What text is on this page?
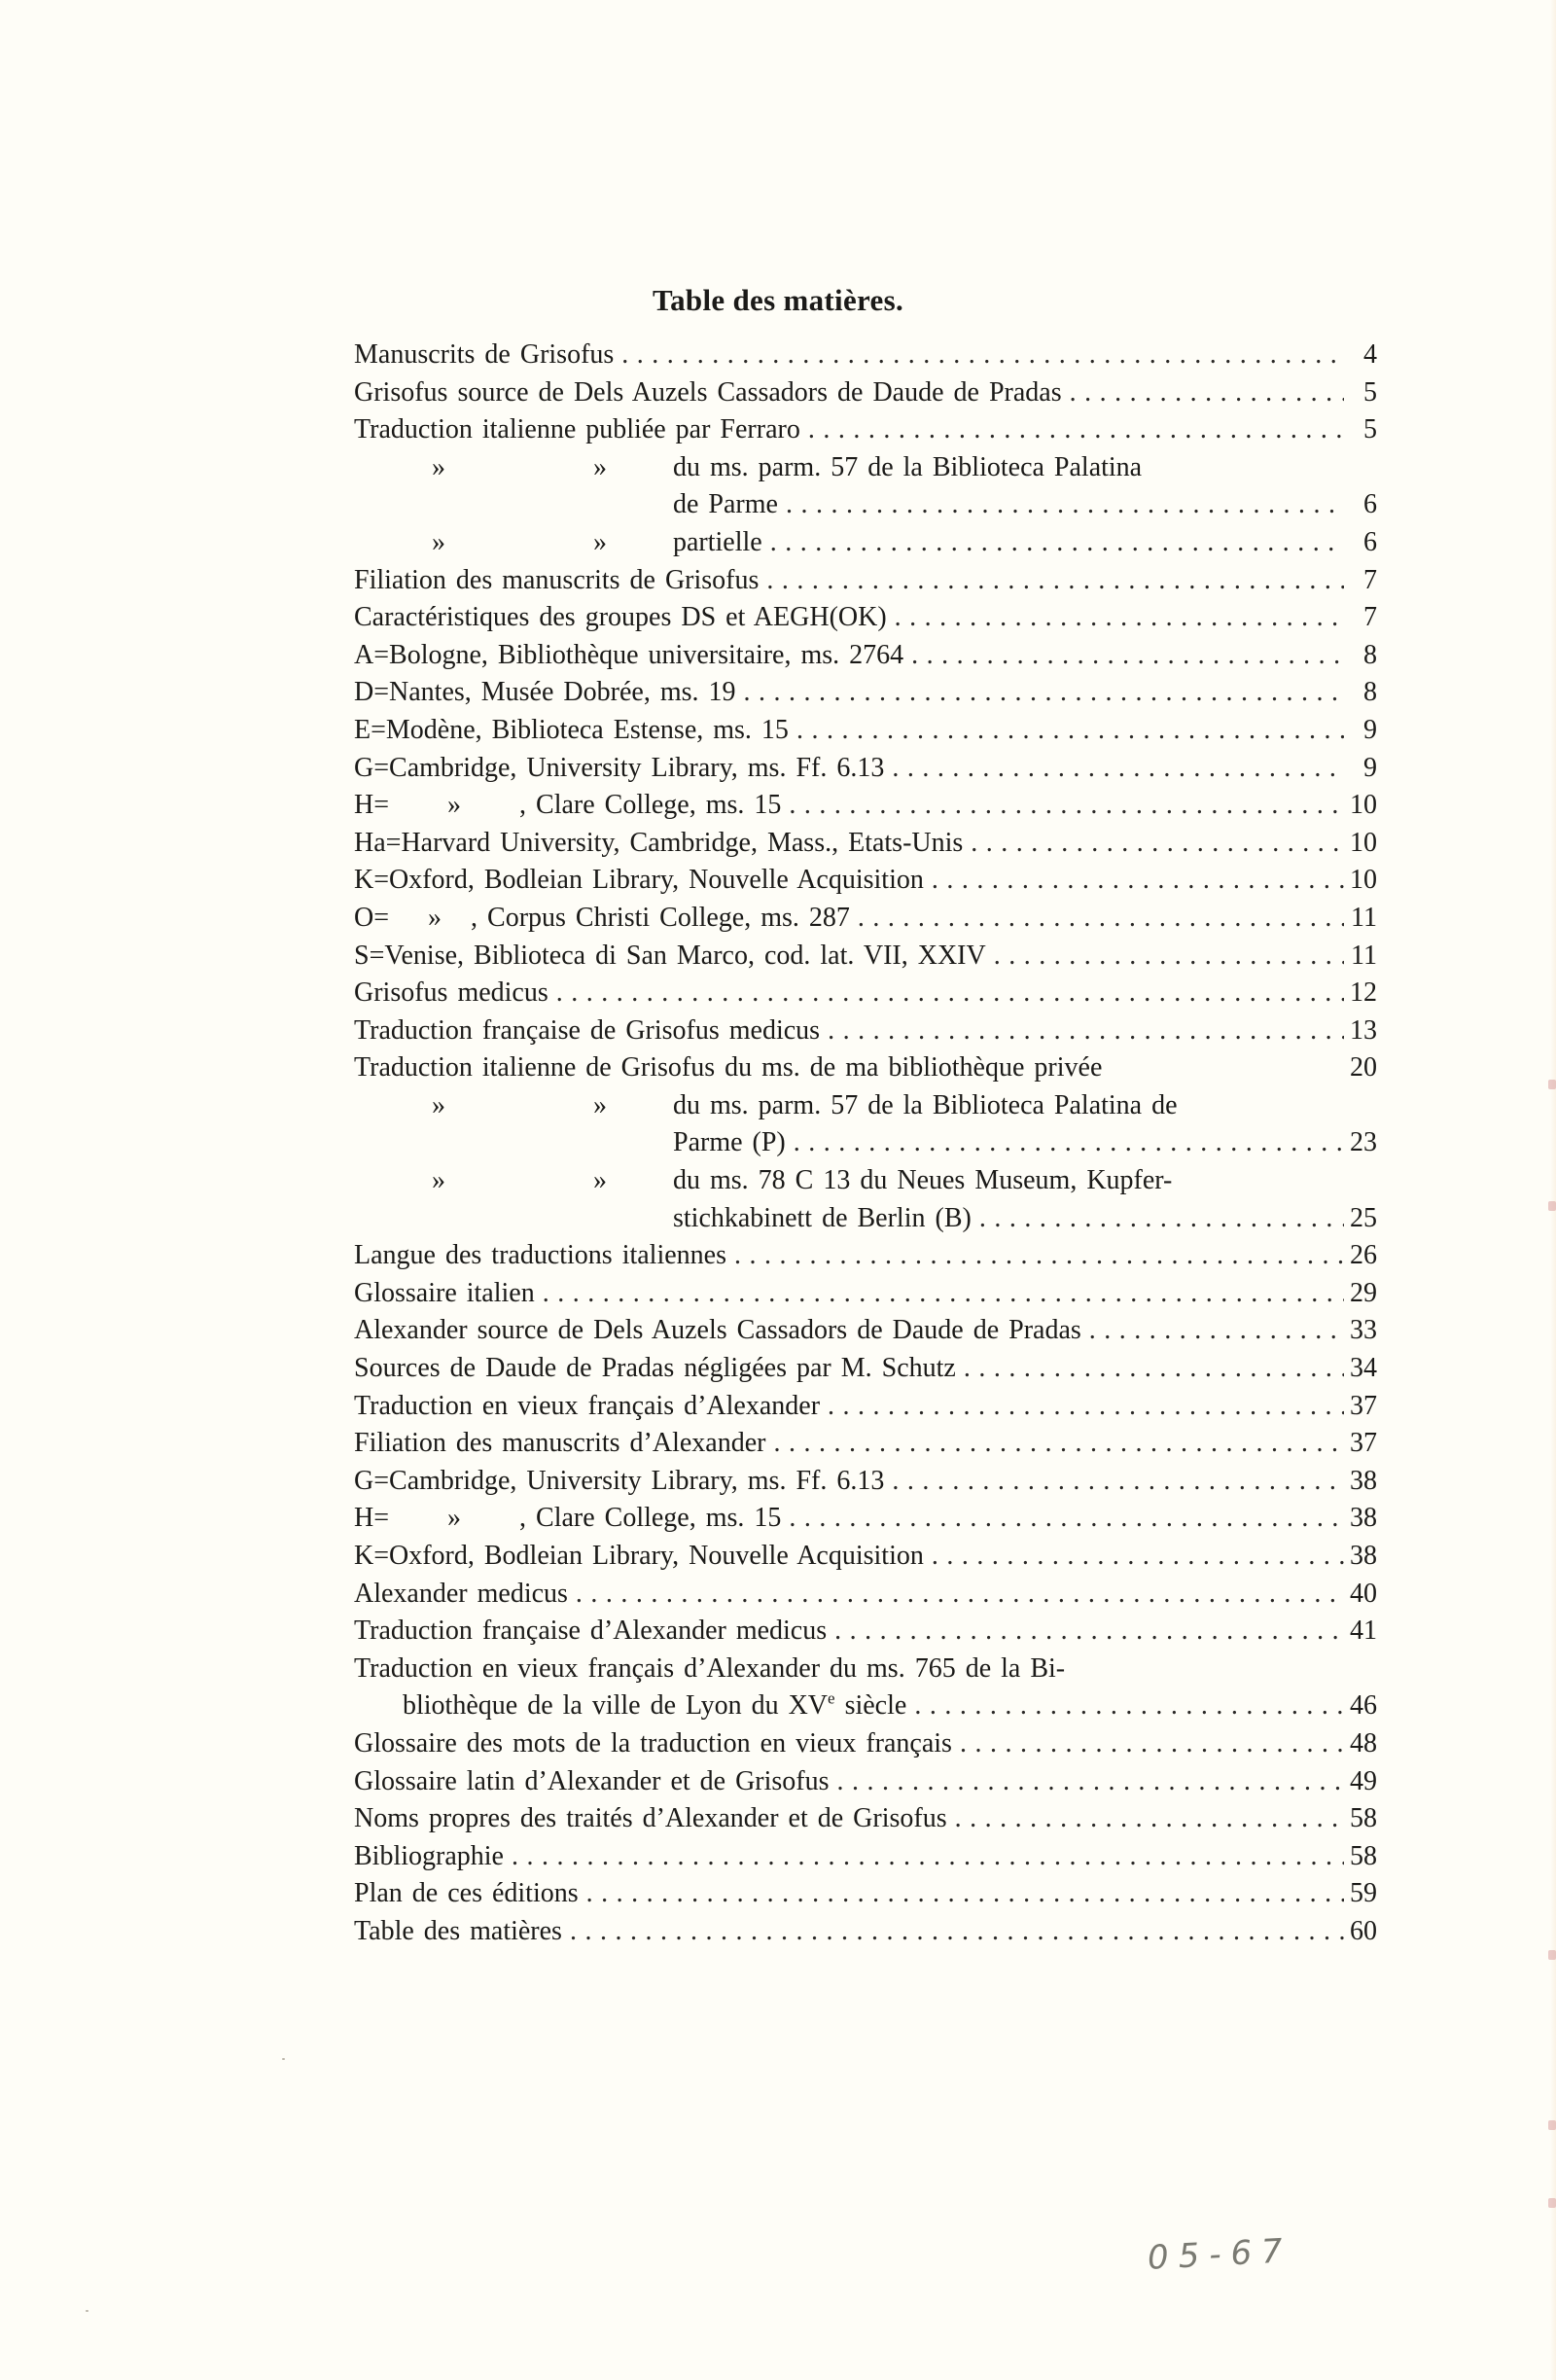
Table des matières.
Manuscrits de Grisofus . . .	4
Grisofus source de Dels Auzels Cassadors de Daude de Pradas . . .	5
Traduction italienne publiée par Ferraro . . .	5
»	» du ms. parm. 57 de la Biblioteca Palatina
de Parme . . .	6
»	» partielle . . .	6
Filiation des manuscrits de Grisofus . . .	7
Caractéristiques des groupes DS et AEGH(OK) . . .	7
A=Bologne, Bibliothèque universitaire, ms. 2764 . . .	8
D=Nantes, Musée Dobrée, ms. 19 . . .	8
E=Modène, Biblioteca Estense, ms. 15 . . .	9
G=Cambridge, University Library, ms. Ff. 6.13 . . .	9
H=      »      , Clare College, ms. 15 . . .	10
Ha=Harvard University, Cambridge, Mass., Etats-Unis . . .	10
K=Oxford, Bodleian Library, Nouvelle Acquisition . . .	10
O=    »   , Corpus Christi College, ms. 287 . . .	11
S=Venise, Biblioteca di San Marco, cod. lat. VII, XXIV . . .	11
Grisofus medicus . . .	12
Traduction française de Grisofus medicus . . .	13
Traduction italienne de Grisofus du ms. de ma bibliothèque privée	20
»	» du ms. parm. 57 de la Biblioteca Palatina de
Parme (P) . . .	23
»	» du ms. 78 C 13 du Neues Museum, Kupfer-
stichkabinett de Berlin (B) . . .	25
Langue des traductions italiennes . . .	26
Glossaire italien . . .	29
Alexander source de Dels Auzels Cassadors de Daude de Pradas . . .	33
Sources de Daude de Pradas négligées par M. Schutz . . .	34
Traduction en vieux français d’Alexander . . .	37
Filiation des manuscrits d’Alexander . . .	37
G=Cambridge, University Library, ms. Ff. 6.13 . . .	38
H=      »      , Clare College, ms. 15 . . .	38
K=Oxford, Bodleian Library, Nouvelle Acquisition . . .	38
Alexander medicus . . .	40
Traduction française d’Alexander medicus . . .	41
Traduction en vieux français d’Alexander du ms. 765 de la Bi-
bliothèque de la ville de Lyon du XVe siècle . . .	46
Glossaire des mots de la traduction en vieux français . . .	48
Glossaire latin d’Alexander et de Grisofus . . .	49
Noms propres des traités d’Alexander et de Grisofus . . .	58
Bibliographie . . .	58
Plan de ces éditions . . .	59
Table des matières . . .	60
05-67
